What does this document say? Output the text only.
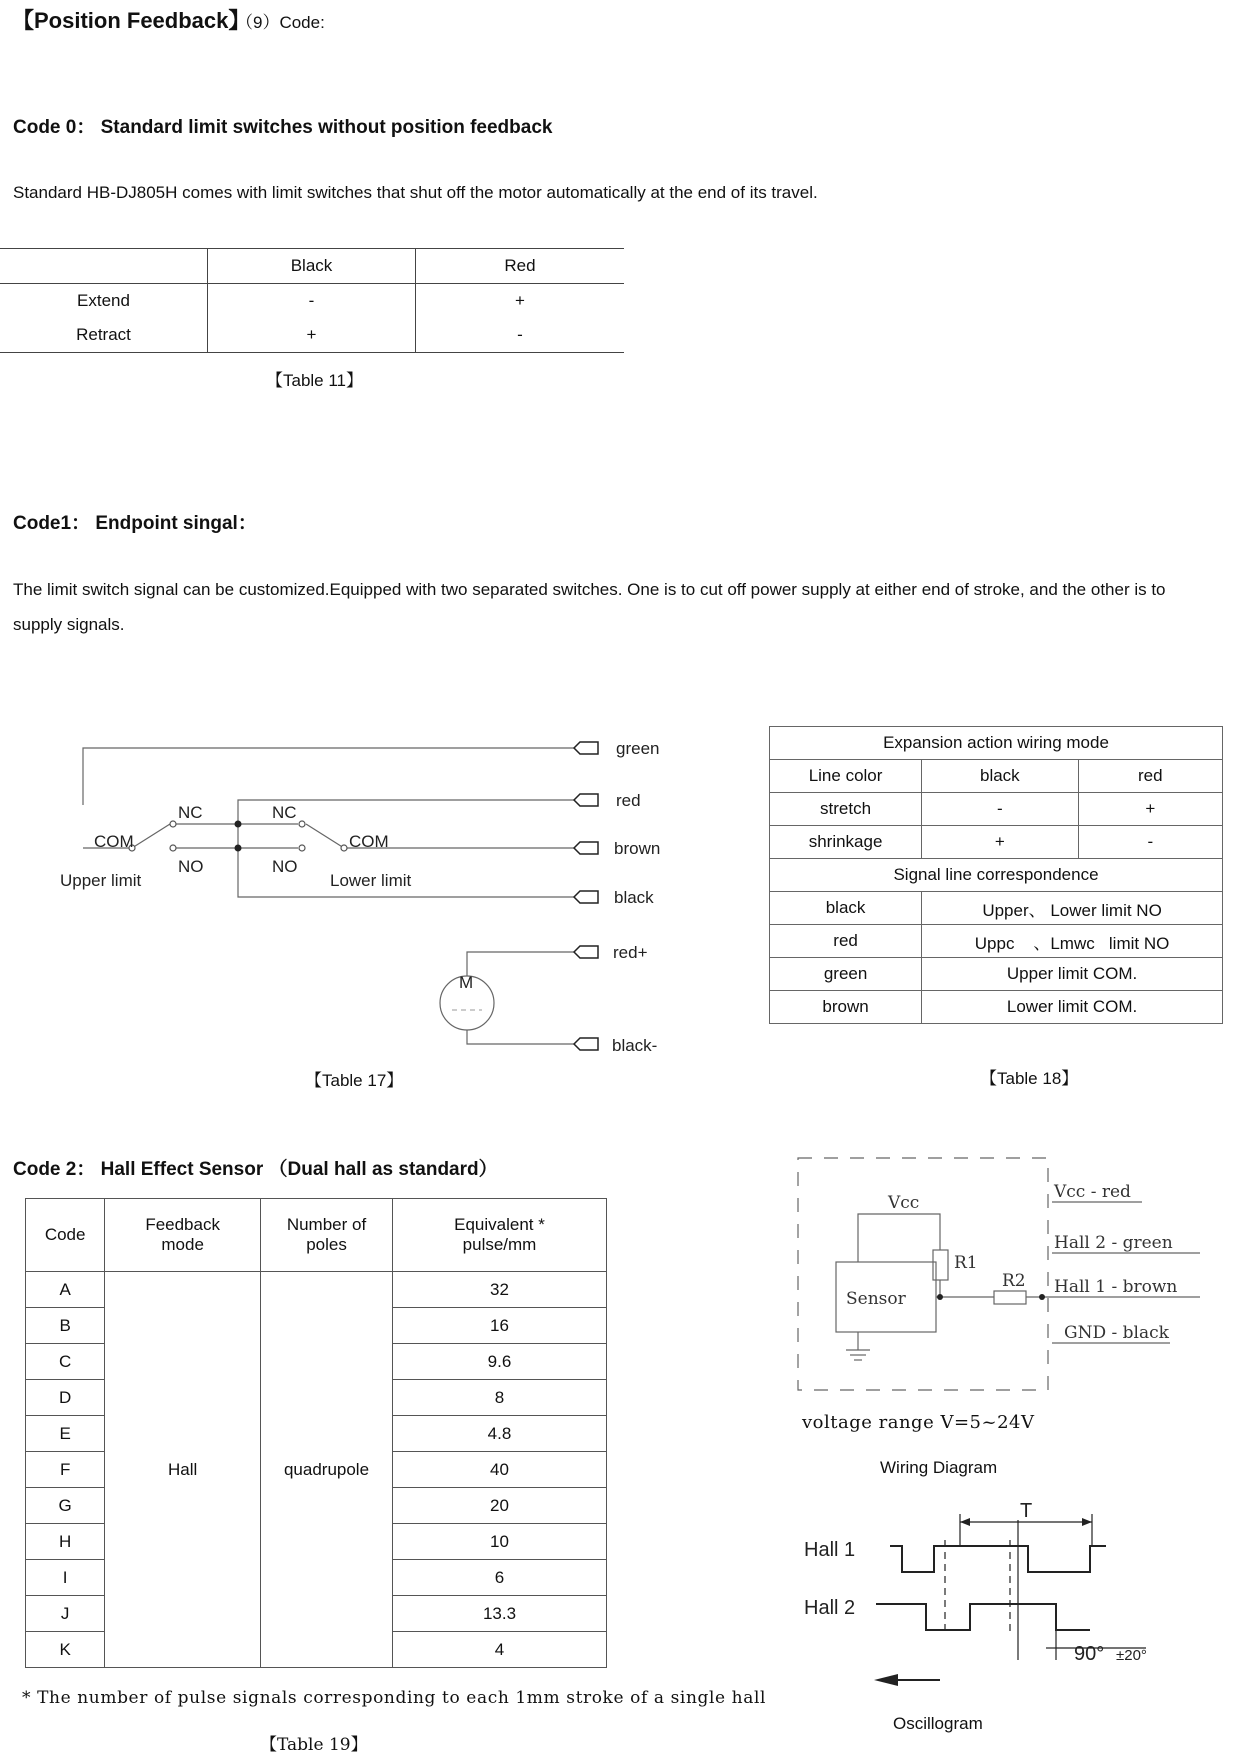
【Position Feedback】
（9）Code:
Code 0： Standard limit switches without position feedback
Standard HB-DJ805H comes with limit switches that shut off the motor automatically at the end of its travel.
	Black	Red
Extend	-	+
Retract	+	-
【Table 11】
Code1： Endpoint singal：
The limit switch signal can be customized.Equipped with two separated switches. One is to cut off power supply at either end of stroke, and the other is to
supply signals.
green
red
brown
black
red+
black-
NC	NC
NO	NO
COM	COM
Upper limit	Lower limit
M
【Table 17】
Expansion action wiring mode		
Line color	black	red
stretch	-	+
shrinkage	+	-
Signal line correspondence		
black	Upper、 Lower limit NO	
red	Uppc    、Lmwc   limit NO	
green	Upper limit COM.	
brown	Lower limit COM.	
【Table 18】
Code 2： Hall Effect Sensor （Dual hall as standard）
Code	Feedback mode	Number of poles	Equivalent * pulse/mm
A	Hall	quadrupole	32
B			16
C			9.6
D			8
E			4.8
F			40
G			20
H			10
I			6
J			13.3
K			4
* The number of pulse signals corresponding to each 1mm stroke of a single hall
【Table 19】
Vcc
R1
R2
Sensor
Vcc - red
Hall 2 - green
Hall 1 - brown
GND - black
voltage range V=5~24V
Wiring Diagram
Hall 1
Hall 2
T
90° ±20°
Oscillogram
